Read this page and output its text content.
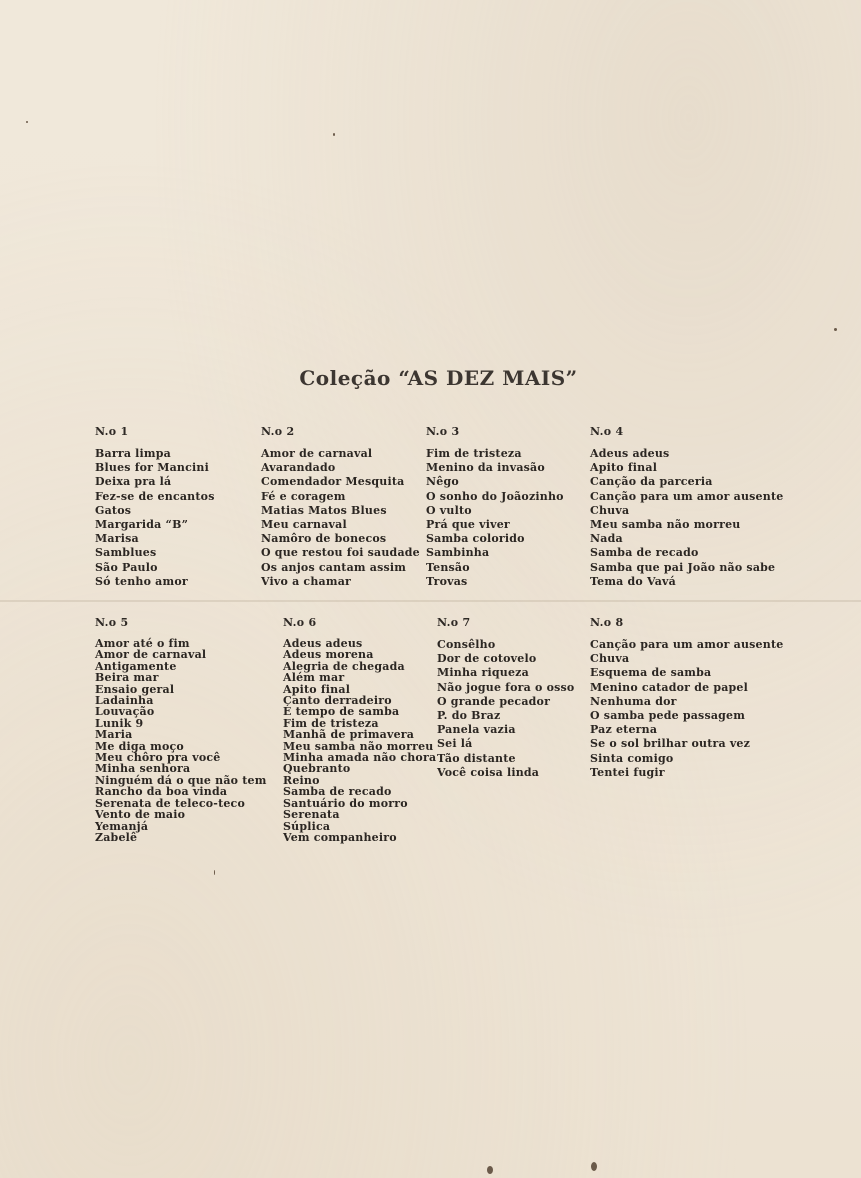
Coleção “AS DEZ MAIS”
N.o 1
Barra limpa
Blues for Mancini
Deixa pra lá
Fez-se de encantos
Gatos
Margarida “B”
Marisa
Samblues
São Paulo
Só tenho amor
N.o 2
Amor de carnaval
Avarandado
Comendador Mesquita
Fé e coragem
Matias Matos Blues
Meu carnaval
Namôro de bonecos
O que restou foi saudade
Os anjos cantam assim
Vivo a chamar
N.o 3
Fim de tristeza
Menino da invasão
Nêgo
O sonho do Joãozinho
O vulto
Prá que viver
Samba colorido
Sambinha
Tensão
Trovas
N.o 4
Adeus adeus
Apito final
Canção da parceria
Canção para um amor ausente
Chuva
Meu samba não morreu
Nada
Samba de recado
Samba que pai João não sabe
Tema do Vavá
N.o 5
Amor até o fim
Amor de carnaval
Antigamente
Beira mar
Ensaio geral
Ladainha
Louvação
Lunik 9
Maria
Me diga moço
Meu chôro pra você
Minha senhora
Ninguém dá o que não tem
Rancho da boa vinda
Serenata de teleco-teco
Vento de maio
Yemanjá
Zabelê
N.o 6
Adeus adeus
Adeus morena
Alegria de chegada
Além mar
Apito final
Canto derradeiro
É tempo de samba
Fim de tristeza
Manhã de primavera
Meu samba não morreu
Minha amada não chora
Quebranto
Reino
Samba de recado
Santuário do morro
Serenata
Súplica
Vem companheiro
N.o 7
Consêlho
Dor de cotovelo
Minha riqueza
Não jogue fora o osso
O grande pecador
P. do Braz
Panela vazia
Sei lá
Tão distante
Você coisa linda
N.o 8
Canção para um amor ausente
Chuva
Esquema de samba
Menino catador de papel
Nenhuma dor
O samba pede passagem
Paz eterna
Se o sol brilhar outra vez
Sinta comigo
Tentei fugir
